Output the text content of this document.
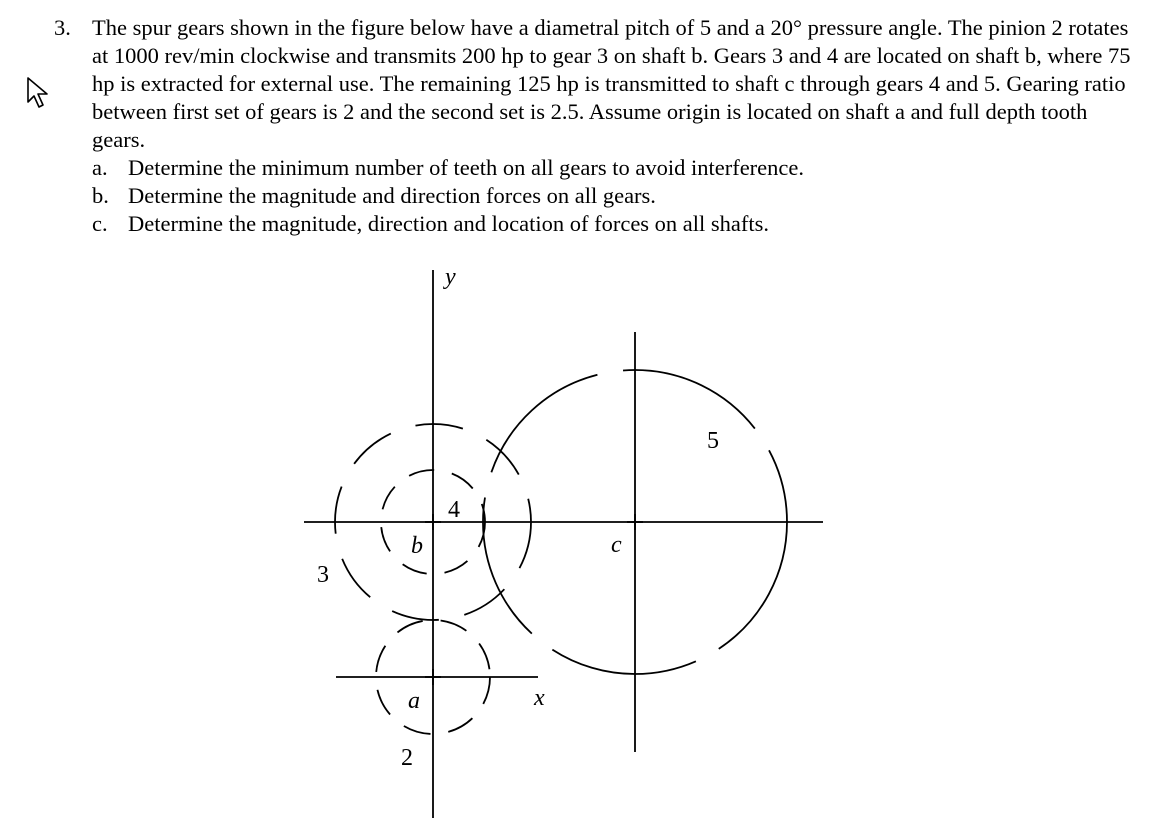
3. The spur gears shown in the figure below have a diametral pitch of 5 and a 20° pressure angle. The pinion 2 rotates at 1000 rev/min clockwise and transmits 200 hp to gear 3 on shaft b. Gears 3 and 4 are located on shaft b, where 75 hp is extracted for external use. The remaining 125 hp is transmitted to shaft c through gears 4 and 5. Gearing ratio between first set of gears is 2 and the second set is 2.5. Assume origin is located on shaft a and full depth tooth gears.
a. Determine the minimum number of teeth on all gears to avoid interference.
b. Determine the magnitude and direction forces on all gears.
c. Determine the magnitude, direction and location of forces on all shafts.
y
x
b
a
c
2
3
4
5
